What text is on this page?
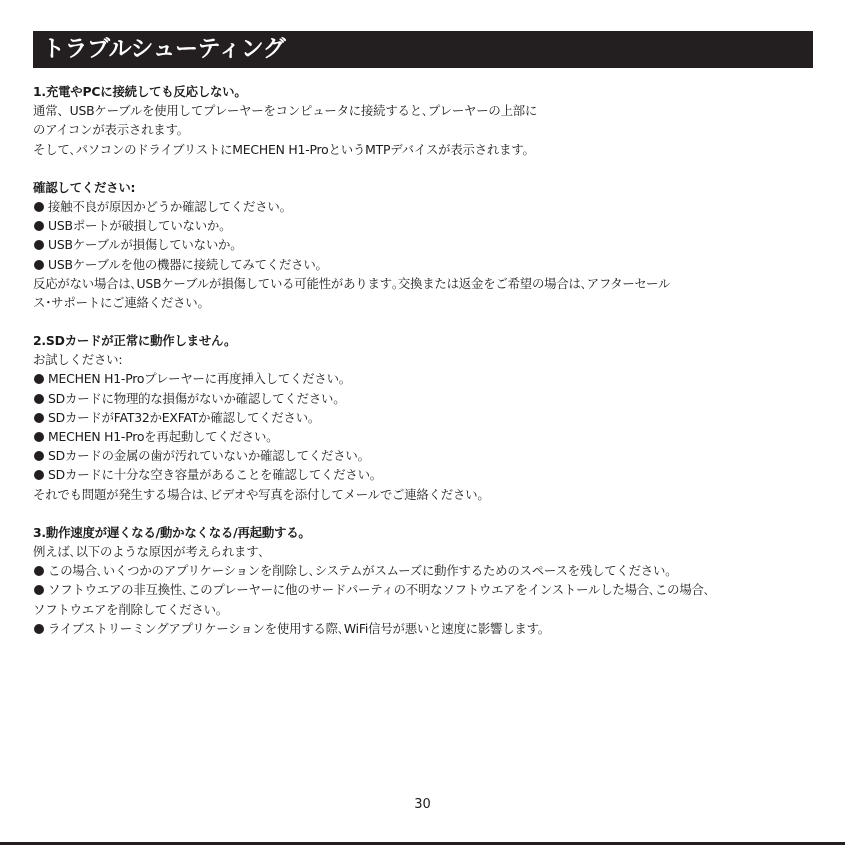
トラブルシューティング
1.充電やPCに接続しても反応しない。
通常、USBケーブルを使用してプレーヤーをコンピュータに接続すると､プレーヤーの上部に
のアイコンが表示されます。
そして､パソコンのドライブリストにMECHEN H1-ProというMTPデバイスが表示されます。
確認してください:
接触不良が原因かどうか確認してください。
USBポートが破損していないか。
USBケーブルが損傷していないか。
USBケーブルを他の機器に接続してみてください。
反応がない場合は､USBケーブルが損傷している可能性があります｡交換または返金をご希望の場合は､アフターセール
ス･サポートにご連絡ください。
2.SDカードが正常に動作しません。
お試しください:
MECHEN H1-Proプレーヤーに再度挿入してください。
SDカードに物理的な損傷がないか確認してください。
SDカードがFAT32かEXFATか確認してください。
MECHEN H1-Proを再起動してください。
SDカードの金属の歯が汚れていないか確認してください。
SDカードに十分な空き容量があることを確認してください。
それでも問題が発生する場合は､ビデオや写真を添付してメールでご連絡ください。
3.動作速度が遅くなる/動かなくなる/再起動する。
例えば､以下のような原因が考えられます､
この場合､いくつかのアプリケーションを削除し､システムがスムーズに動作するためのスペースを残してください。
ソフトウエアの非互換性､このプレーヤーに他のサードパーティの不明なソフトウエアをインストールした場合､この場合､
ソフトウエアを削除してください。
ライブストリーミングアプリケーションを使用する際､WiFi信号が悪いと速度に影響します。
30
